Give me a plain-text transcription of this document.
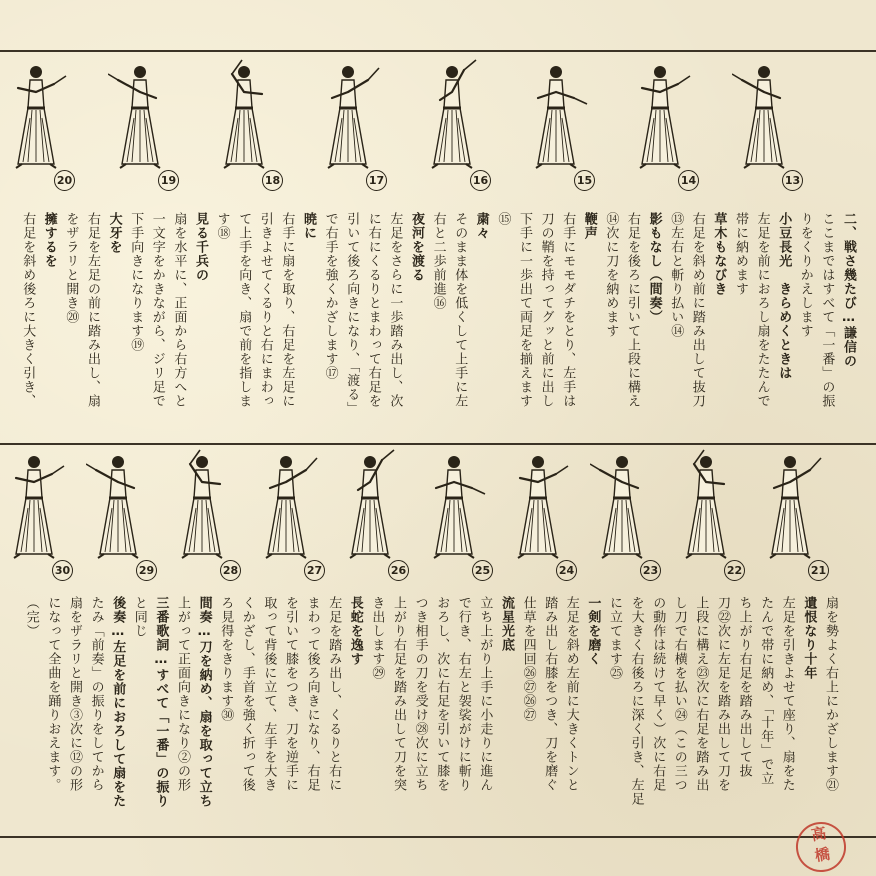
20	19	18	17	16	15	14	13
二、戦さ幾たび…謙信の
ここまではすべて「一番」の振
りをくりかえします
小豆長光　きらめくときは
左足を前におろし扇をたたんで
帯に納めます
草木もなびき
右足を斜め前に踏み出して抜刀
⑬左右と斬り払い⑭
影もなし（間奏）
右足を後ろに引いて上段に構え
⑭次に刀を納めます
鞭声
右手にモモダチをとり、左手は
刀の鞘を持ってグッと前に出し
下手に一歩出て両足を揃えます
⑮
粛々
そのまま体を低くして上手に左
右と二歩前進⑯
夜河を渡る
左足をさらに一歩踏み出し、次
に右にくるりとまわって右足を
引いて後ろ向きになり、「渡る」
で右手を強くかざします⑰
暁に
右手に扇を取り、右足を左足に
引きよせてくるりと右にまわっ
て上手を向き、扇で前を指しま
す⑱
見る千兵の
扇を水平に、正面から右方へと
一文字をかきながら、ジリ足で
下手向きになります⑲
大牙を
右足を左足の前に踏み出し、扇
をザラリと開き⑳
擁するを
右足を斜め後ろに大きく引き、
30	29	28	27	26	25	24	23	22	21
扇を勢よく右上にかざします㉑
遺恨なり十年
左足を引きよせて座り、扇をた
たんで帯に納め、「十年」で立
ち上がり右足を踏み出して抜
刀㉒次に左足を踏み出して刀を
上段に構え㉓次に右足を踏み出
し刀で右横を払い㉔（この三つ
の動作は続けて早く）次に右足
を大きく右後ろに深く引き、左足
に立てます㉕
一剣を磨く
左足を斜め左前に大きくトンと
踏み出し右膝をつき、刀を磨ぐ
仕草を四回㉖㉗㉖㉗
流星光底
立ち上がり上手に小走りに進ん
で行き、右左と袈裟がけに斬り
おろし、次に右足を引いて膝を
つき相手の刀を受け㉘次に立ち
上がり右足を踏み出して刀を突
き出します㉙
長蛇を逸す
左足を踏み出し、くるりと右に
まわって後ろ向きになり、右足
を引いて膝をつき、刀を逆手に
取って背後に立て、左手を大き
くかざし、手首を強く折って後
ろ見得をきります㉚
間奏…刀を納め、扇を取って立ち
上がって正面向きになり②の形
三番歌詞…すべて「一番」の振り
と同じ
後奏…左足を前におろして扇をた
たみ「前奏」の振りをしてから
扇をザラリと開き③次に⑫の形
になって全曲を踊りおえます。
（完）
高
橋
